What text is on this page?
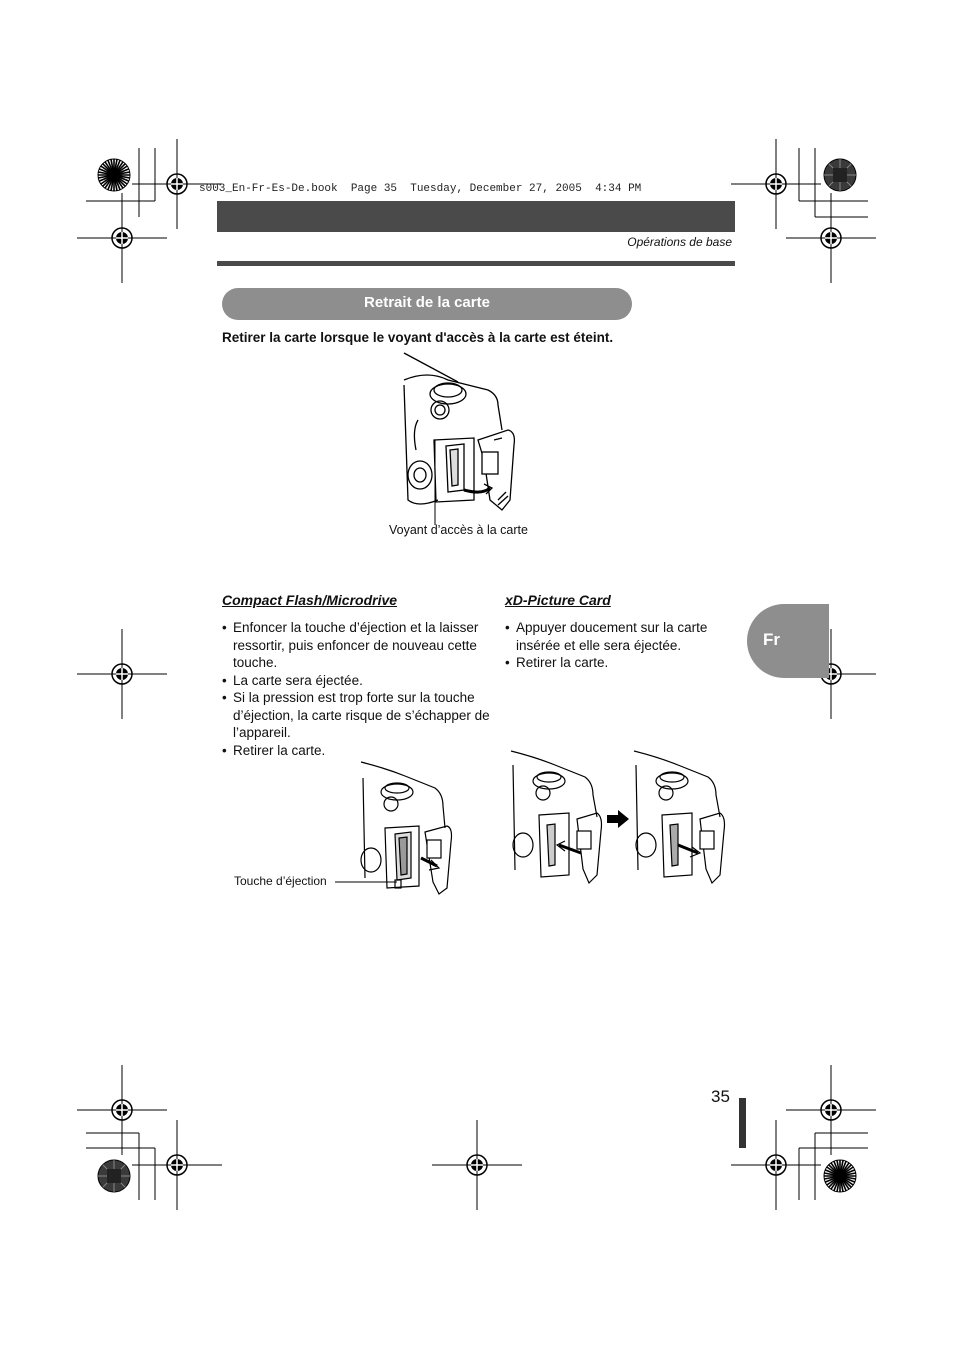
s003_En-Fr-Es-De.book  Page 35  Tuesday, December 27, 2005  4:34 PM
Opérations de base
Retrait de la carte
Retirer la carte lorsque le voyant d'accès à la carte est éteint.
Voyant d’accès à la carte
Compact Flash/Microdrive
• Enfoncer la touche d’éjection et la laisser ressortir, puis enfoncer de nouveau cette touche.
• La carte sera éjectée.
• Si la pression est trop forte sur la touche d’éjection, la carte risque de s’échapper de l’appareil.
• Retirer la carte.
xD-Picture Card
• Appuyer doucement sur la carte insérée et elle sera éjectée.
• Retirer la carte.
Fr
Touche d’éjection
35
